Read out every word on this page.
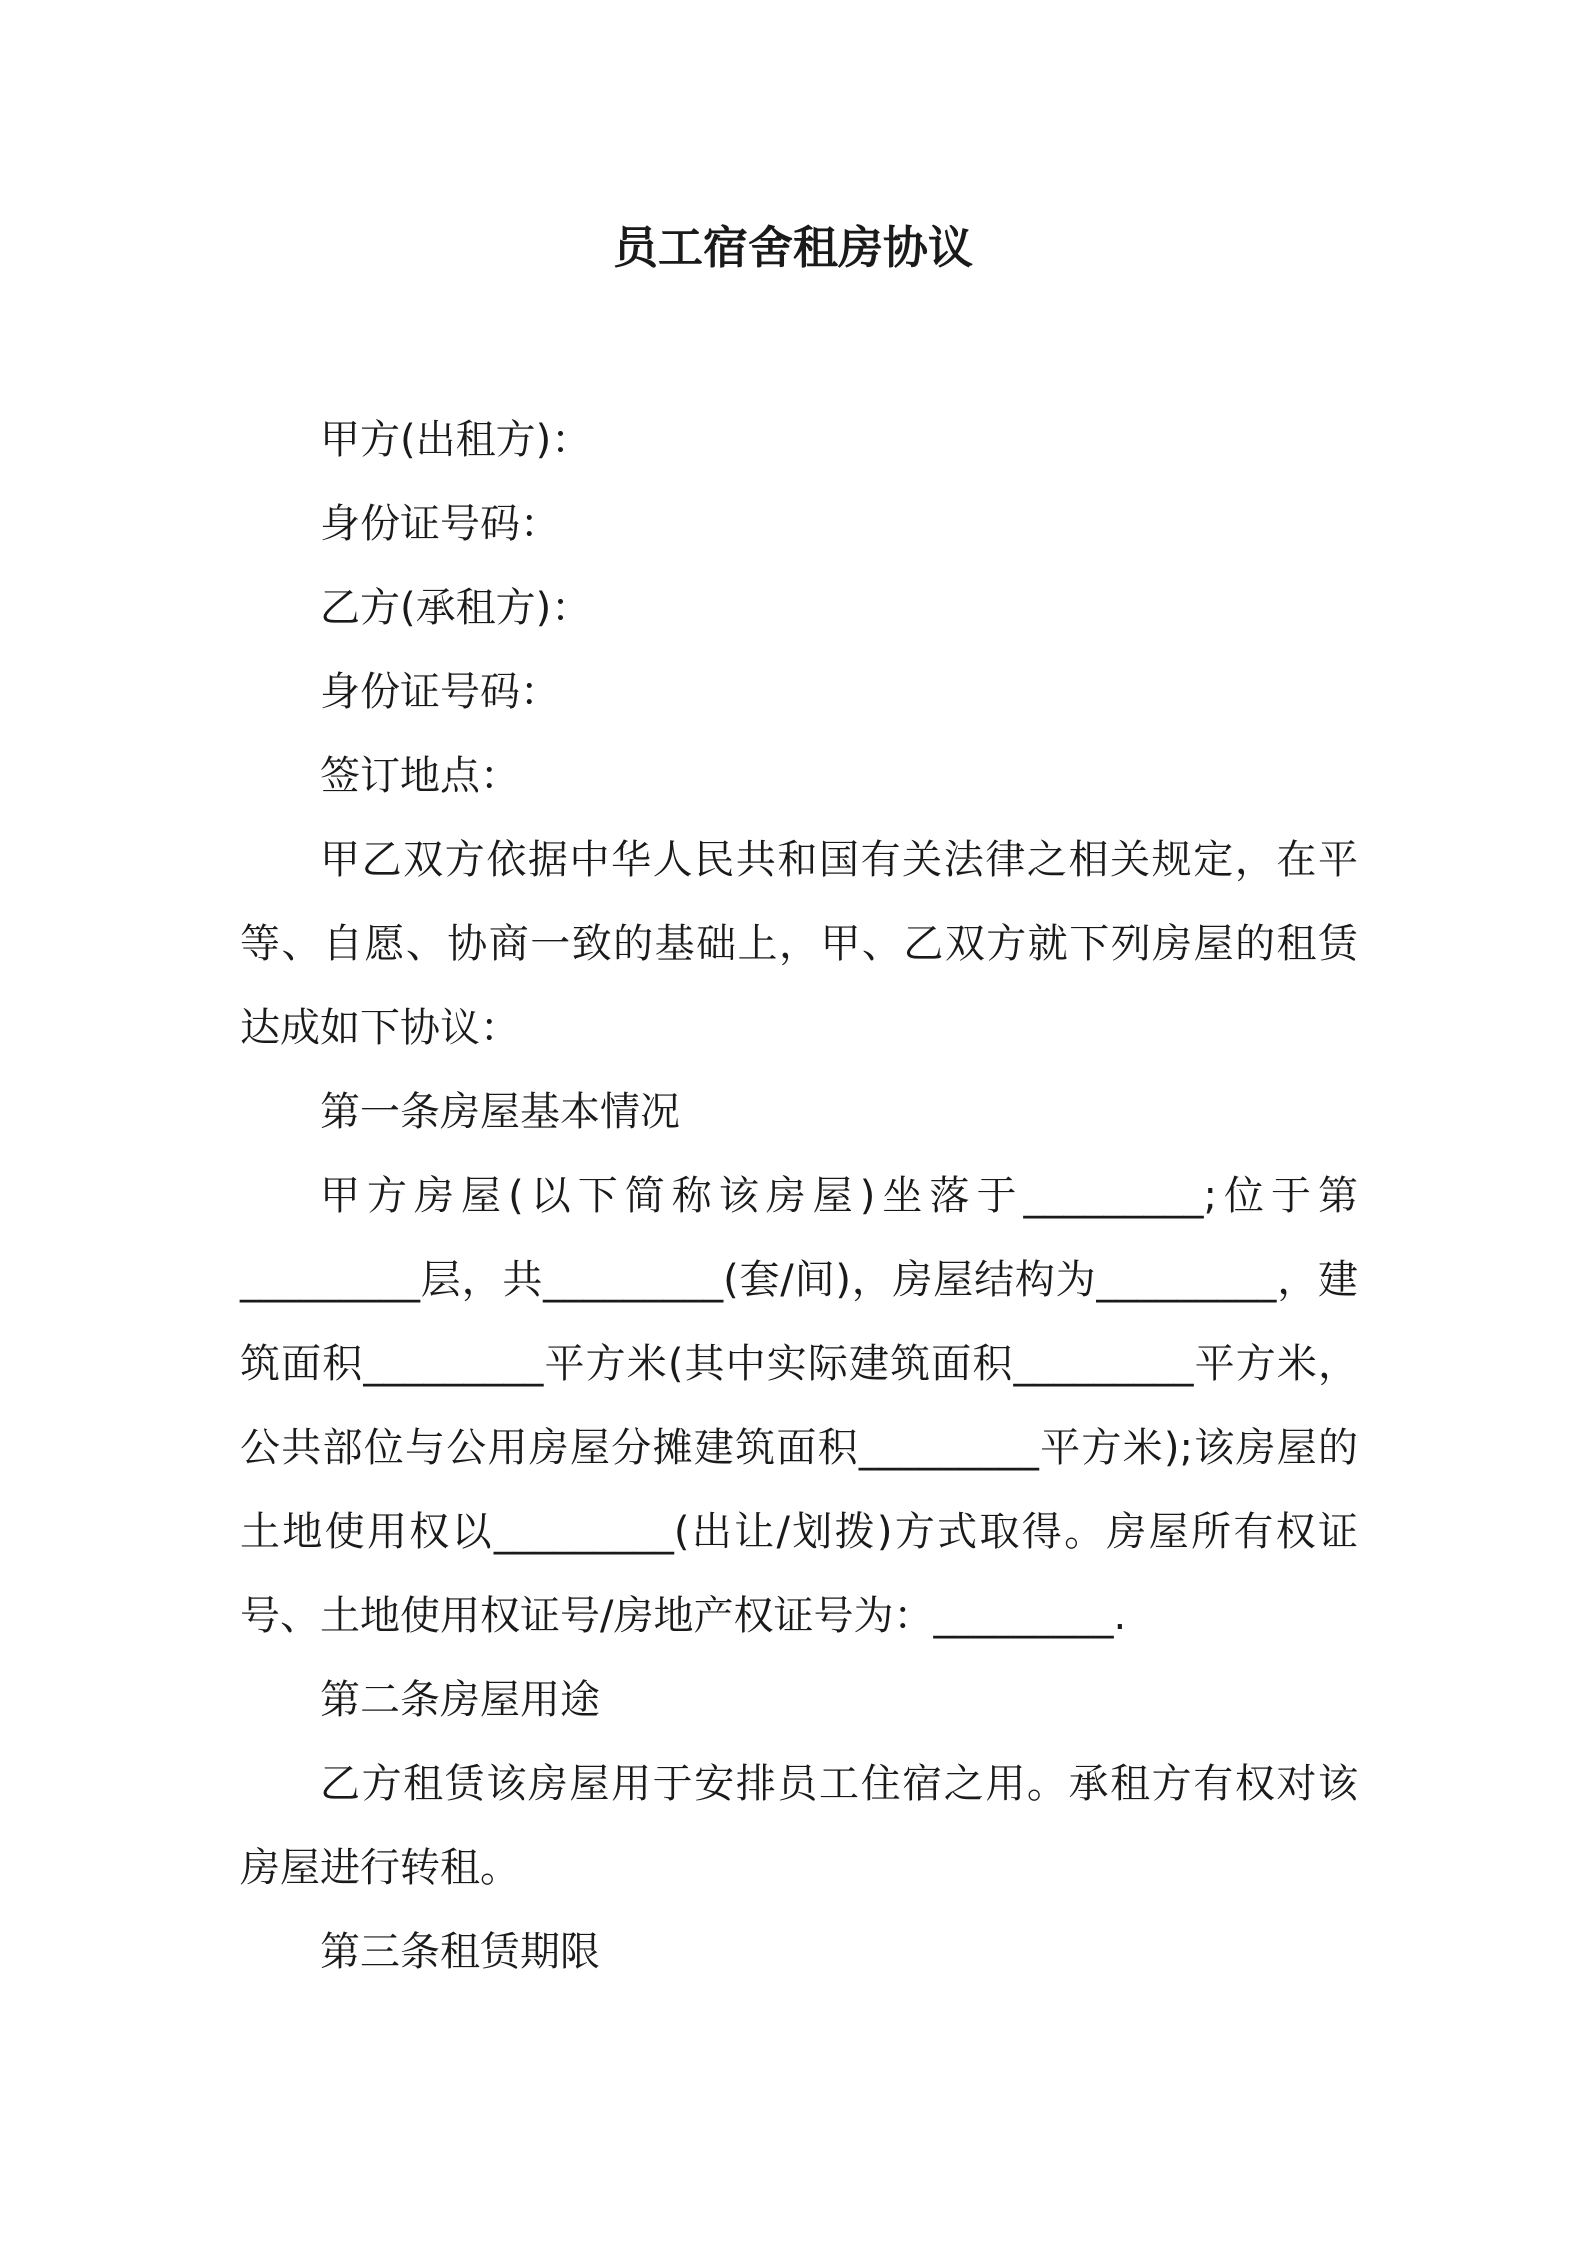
员工宿舍租房协议

甲方(出租方)：

身份证号码：

乙方(承租方)：

身份证号码：

签订地点：

甲乙双方依据中华人民共和国有关法律之相关规定，在平等、自愿、协商一致的基础上，甲、乙双方就下列房屋的租赁达成如下协议：

第一条房屋基本情况

甲方房屋(以下简称该房屋)坐落于_________;位于第_________层，共_________(套/间)，房屋结构为_________，建筑面积_________平方米(其中实际建筑面积_________平方米，公共部位与公用房屋分摊建筑面积_________平方米);该房屋的土地使用权以_________(出让/划拨)方式取得。房屋所有权证号、土地使用权证号/房地产权证号为：_________.

第二条房屋用途

乙方租赁该房屋用于安排员工住宿之用。承租方有权对该房屋进行转租。

第三条租赁期限
